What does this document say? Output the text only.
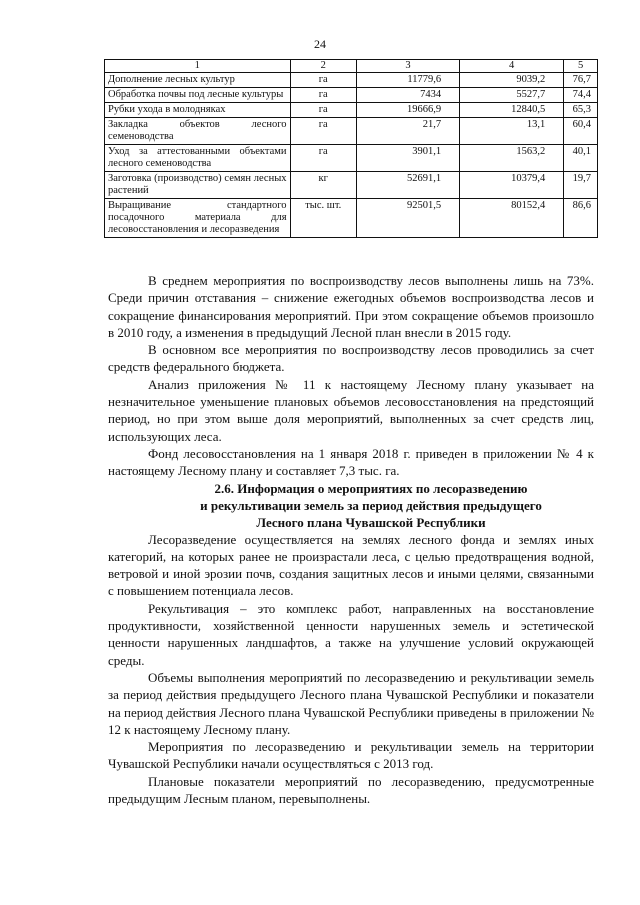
24
1	2	3	4	5
Дополнение лесных культур	га	11779,6	9039,2	76,7
Обработка почвы под лесные культуры	га	7434	5527,7	74,4
Рубки ухода в молодняках	га	19666,9	12840,5	65,3
Закладка объектов лесного семеноводства	га	21,7	13,1	60,4
Уход за аттестованными объектами лесного семеноводства	га	3901,1	1563,2	40,1
Заготовка (производство) семян лесных растений	кг	52691,1	10379,4	19,7
Выращивание стандартного посадочного материала для лесовосстановления и лесоразведения	тыс. шт.	92501,5	80152,4	86,6

В среднем мероприятия по воспроизводству лесов выполнены лишь на 73%. Среди причин отставания – снижение ежегодных объемов воспроизводства лесов и сокращение финансирования мероприятий. При этом сокращение объемов произошло в 2010 году, а изменения в предыдущий Лесной план внесли в 2015 году.

В основном все мероприятия по воспроизводству лесов проводились за счет средств федерального бюджета.

Анализ приложения № 11 к настоящему Лесному плану указывает на незначительное уменьшение плановых объемов лесовосстановления на предстоящий период, но при этом выше доля мероприятий, выполненных за счет средств лиц, использующих леса.

Фонд лесовосстановления на 1 января 2018 г. приведен в приложении № 4 к настоящему Лесному плану и составляет 7,3 тыс. га.

2.6. Информация о мероприятиях по лесоразведению
и рекультивации земель за период действия предыдущего
Лесного плана Чувашской Республики

Лесоразведение осуществляется на землях лесного фонда и землях иных категорий, на которых ранее не произрастали леса, с целью предотвращения водной, ветровой и иной эрозии почв, создания защитных лесов и иными целями, связанными с повышением потенциала лесов.

Рекультивация – это комплекс работ, направленных на восстановление продуктивности, хозяйственной ценности нарушенных земель и эстетической ценности нарушенных ландшафтов, а также на улучшение условий окружающей среды.

Объемы выполнения мероприятий по лесоразведению и рекультивации земель за период действия предыдущего Лесного плана Чувашской Республики и показатели на период действия Лесного плана Чувашской Республики приведены в приложении № 12 к настоящему Лесному плану.

Мероприятия по лесоразведению и рекультивации земель на территории Чувашской Республики начали осуществляться с 2013 год.

Плановые показатели мероприятий по лесоразведению, предусмотренные предыдущим Лесным планом, перевыполнены.
